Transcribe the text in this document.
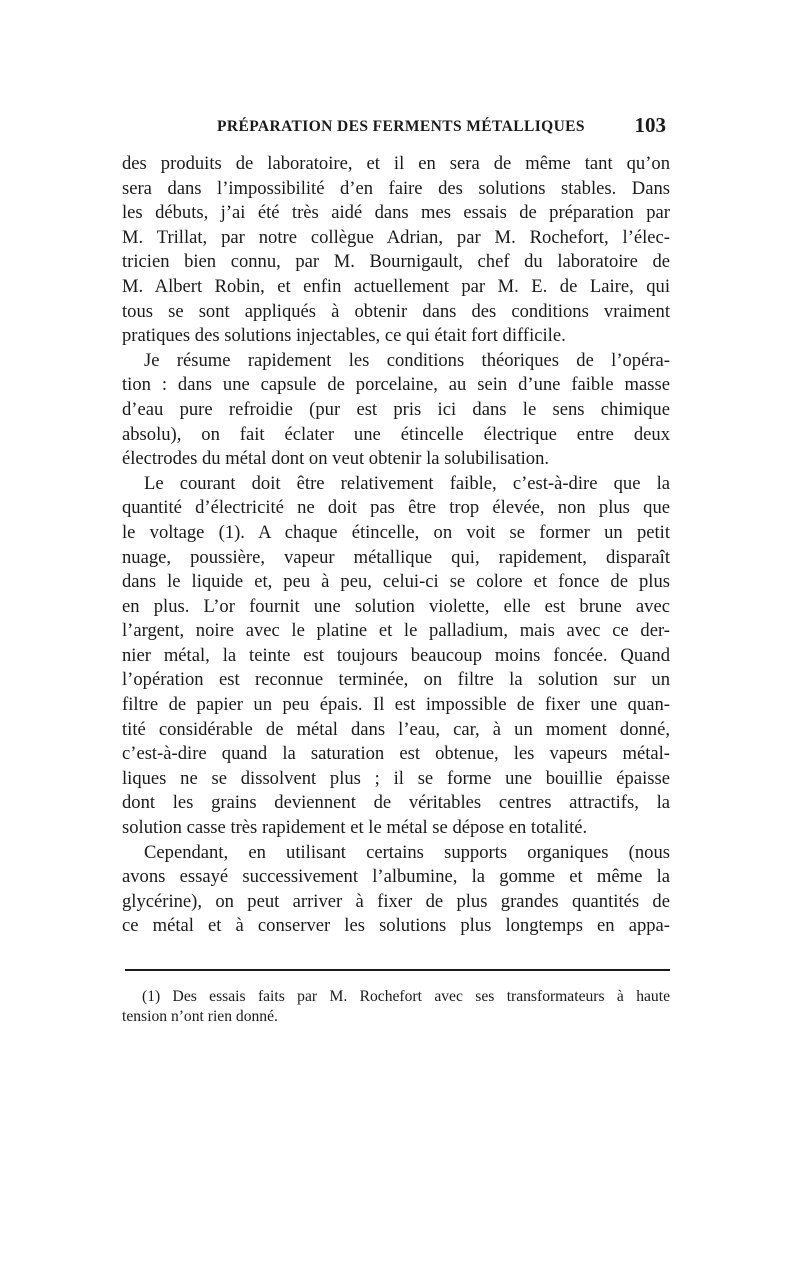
PRÉPARATION DES FERMENTS MÉTALLIQUES 103
des produits de laboratoire, et il en sera de même tant qu’on
sera dans l’impossibilité d’en faire des solutions stables. Dans
les débuts, j’ai été très aidé dans mes essais de préparation par
M. Trillat, par notre collègue Adrian, par M. Rochefort, l’élec-
tricien bien connu, par M. Bournigault, chef du laboratoire de
M. Albert Robin, et enfin actuellement par M. E. de Laire, qui
tous se sont appliqués à obtenir dans des conditions vraiment
pratiques des solutions injectables, ce qui était fort difficile.
Je résume rapidement les conditions théoriques de l’opéra-
tion : dans une capsule de porcelaine, au sein d’une faible masse
d’eau pure refroidie (pur est pris ici dans le sens chimique
absolu), on fait éclater une étincelle électrique entre deux
électrodes du métal dont on veut obtenir la solubilisation.
Le courant doit être relativement faible, c’est-à-dire que la
quantité d’électricité ne doit pas être trop élevée, non plus que
le voltage (1). A chaque étincelle, on voit se former un petit
nuage, poussière, vapeur métallique qui, rapidement, disparaît
dans le liquide et, peu à peu, celui-ci se colore et fonce de plus
en plus. L’or fournit une solution violette, elle est brune avec
l’argent, noire avec le platine et le palladium, mais avec ce der-
nier métal, la teinte est toujours beaucoup moins foncée. Quand
l’opération est reconnue terminée, on filtre la solution sur un
filtre de papier un peu épais. Il est impossible de fixer une quan-
tité considérable de métal dans l’eau, car, à un moment donné,
c’est-à-dire quand la saturation est obtenue, les vapeurs métal-
liques ne se dissolvent plus ; il se forme une bouillie épaisse
dont les grains deviennent de véritables centres attractifs, la
solution casse très rapidement et le métal se dépose en totalité.
Cependant, en utilisant certains supports organiques (nous
avons essayé successivement l’albumine, la gomme et même la
glycérine), on peut arriver à fixer de plus grandes quantités de
ce métal et à conserver les solutions plus longtemps en appa-
(1) Des essais faits par M. Rochefort avec ses transformateurs à haute
tension n’ont rien donné.
